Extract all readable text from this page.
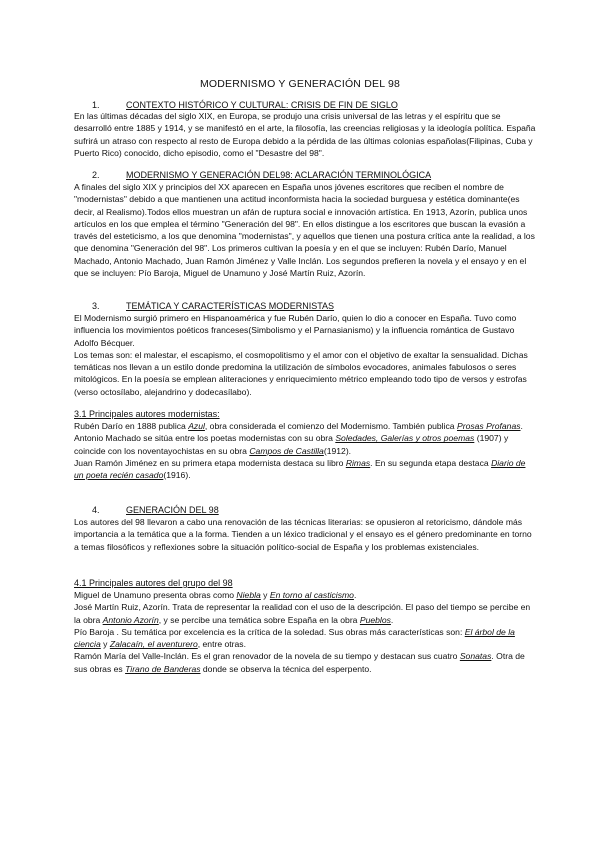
MODERNISMO Y GENERACIÓN DEL 98
1.	CONTEXTO HISTÓRICO Y CULTURAL: CRISIS DE FIN DE SIGLO
En las últimas décadas del siglo XIX, en Europa, se produjo una crisis universal de las letras y el espíritu que se desarrolló entre 1885 y 1914, y se manifestó en el arte, la filosofía, las creencias religiosas y la ideología política. España sufrirá un atraso con respecto al resto de Europa debido a la pérdida de las últimas colonias españolas(Filipinas, Cuba y Puerto Rico) conocido, dicho episodio, como el "Desastre del 98".
2.	MODERNISMO Y GENERACIÓN DEL98: ACLARACIÓN TERMINOLÓGICA
A finales del siglo XIX y principios del XX aparecen en España unos jóvenes escritores que reciben el nombre de "modernistas" debido a que mantienen una actitud inconformista hacia la sociedad burguesa y estética dominante(es decir, al Realismo).Todos ellos muestran un afán de ruptura social e innovación artística. En 1913, Azorín, publica unos artículos en los que emplea el término "Generación del 98". En ellos distingue a los escritores que buscan la evasión a través del esteticismo, a los que denomina "modernistas", y aquellos que tienen una postura crítica ante la realidad, a los que denomina "Generación del 98". Los primeros cultivan la poesía y en el que se incluyen: Rubén Darío, Manuel Machado, Antonio Machado, Juan Ramón Jiménez y Valle Inclán. Los segundos prefieren la novela y el ensayo y en el que se incluyen: Pío Baroja, Miguel de Unamuno y José Martín Ruiz, Azorín.
3.	TEMÁTICA Y CARACTERÍSTICAS MODERNISTAS

El Modernismo surgió primero en Hispanoamérica y fue Rubén Darío, quien lo dio a conocer en España. Tuvo como influencia los movimientos poéticos franceses(Simbolismo y el Parnasianismo) y la influencia romántica de Gustavo Adolfo Bécquer.

Los temas son: el malestar, el escapismo, el cosmopolitismo y el amor con el objetivo de exaltar la sensualidad. Dichas temáticas nos llevan a un estilo donde predomina la utilización de símbolos evocadores, animales fabulosos o seres mitológicos. En la poesía se emplean aliteraciones y enriquecimiento métrico empleando todo tipo de versos y estrofas (verso octosílabo, alejandrino y dodecasílabo).

3.1 Principales autores modernistas:

Rubén Darío en 1888 publica Azul, obra considerada el comienzo del Modernismo. También publica Prosas Profanas.

Antonio Machado se sitúa entre los poetas modernistas con su obra Soledades, Galerías y otros poemas (1907) y coincide con los noventayochistas en su obra Campos de Castilla(1912).

Juan Ramón Jiménez en su primera etapa modernista destaca su libro Rimas. En su segunda etapa destaca Diario de un poeta recién casado(1916).

4.	GENERACIÓN DEL 98
Los autores del 98 llevaron a cabo una renovación de las técnicas literarias: se opusieron al retoricismo, dándole más importancia a la temática que a la forma. Tienden a un léxico tradicional y el ensayo es el género predominante en torno a temas filosóficos y reflexiones sobre la situación político-social de España y los problemas existenciales.
4.1 Principales autores del grupo del 98

Miguel de Unamuno presenta obras como Niebla y En torno al casticismo.

José Martín Ruiz, Azorín. Trata de representar la realidad con el uso de la descripción. El paso del tiempo se percibe en la obra Antonio Azorín, y se percibe una temática sobre España en la obra Pueblos.

Pío Baroja . Su temática por excelencia es la crítica de la soledad. Sus obras más características son: El árbol de la ciencia y Zalacaín, el aventurero, entre otras.

Ramón María del Valle-Inclán. Es el gran renovador de la novela de su tiempo y destacan sus cuatro Sonatas. Otra de sus obras es Tirano de Banderas donde se observa la técnica del esperpento.
